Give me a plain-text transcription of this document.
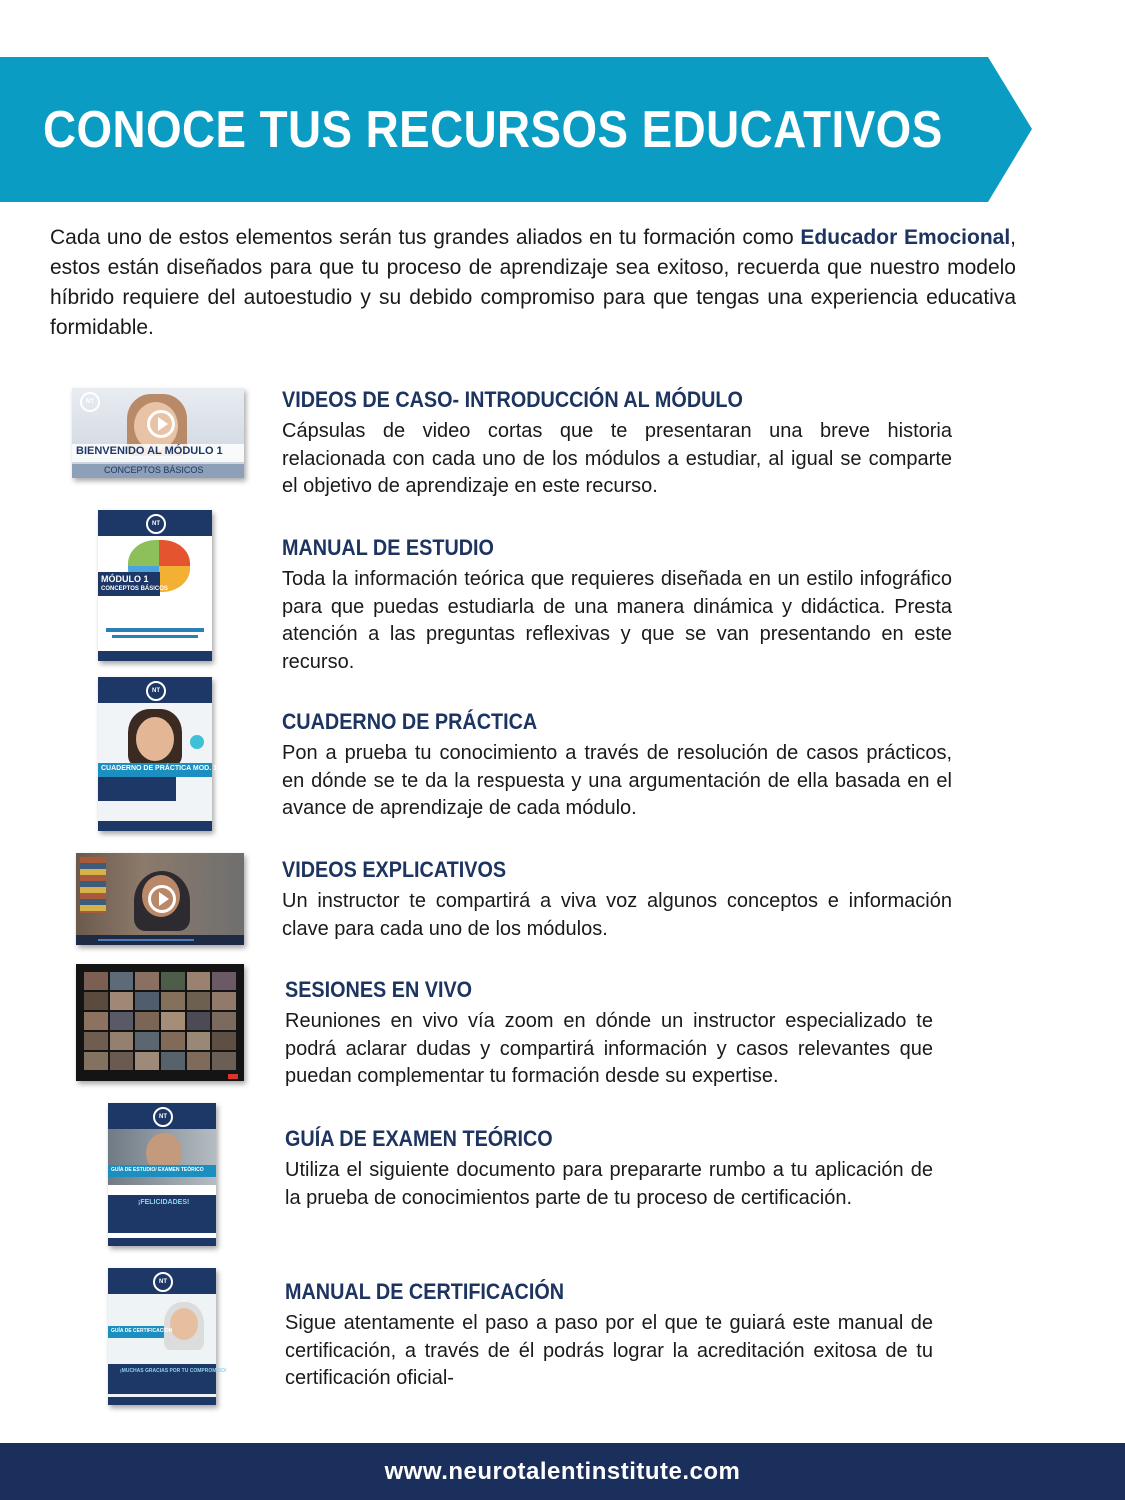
CONOCE TUS RECURSOS EDUCATIVOS

Cada uno de estos elementos serán tus grandes aliados en tu formación como Educador Emocional, estos están diseñados para que tu proceso de aprendizaje sea exitoso, recuerda que nuestro modelo híbrido requiere del autoestudio y su debido compromiso para que tengas una experiencia educativa formidable.

NT
BIENVENIDO AL MÓDULO 1
CONCEPTOS BÁSICOS
VIDEOS DE CASO- INTRODUCCIÓN AL MÓDULO

Cápsulas de video cortas que te presentaran una breve historia relacionada con cada uno de los módulos a estudiar, al igual se comparte el objetivo de aprendizaje en este recurso.

NT
MÓDULO 1
CONCEPTOS BÁSICOS
MANUAL DE ESTUDIO

Toda la información teórica que requieres diseñada en un estilo infográfico para que puedas estudiarla de una manera dinámica y didáctica. Presta atención a las preguntas reflexivas y que se van presentando en este recurso.

NT
CUADERNO DE PRÁCTICA MOD. 1
CUADERNO DE PRÁCTICA

Pon a prueba tu conocimiento a través de resolución de casos prácticos, en dónde se te da la respuesta y una argumentación de ella basada en el avance de aprendizaje de cada módulo.

VIDEOS EXPLICATIVOS

Un instructor te compartirá a viva voz algunos conceptos e información clave para cada uno de los módulos.

SESIONES EN VIVO

Reuniones en vivo vía zoom en dónde un instructor especializado te podrá aclarar dudas y compartirá información y casos relevantes que puedan complementar tu formación desde su expertise.

NT
GUÍA DE ESTUDIO/ EXAMEN TEÓRICO
¡FELICIDADES!
GUÍA DE EXAMEN TEÓRICO

Utiliza el siguiente documento para prepararte rumbo a tu aplicación de la prueba de conocimientos parte de tu proceso de certificación.

NT
GUÍA DE CERTIFICACIÓN
¡MUCHAS GRACIAS POR TU COMPROMISO!
MANUAL DE CERTIFICACIÓN

Sigue atentamente el paso a paso por el que te guiará este manual de certificación, a través de él podrás lograr la acreditación exitosa de tu certificación oficial-

www.neurotalentinstitute.com
